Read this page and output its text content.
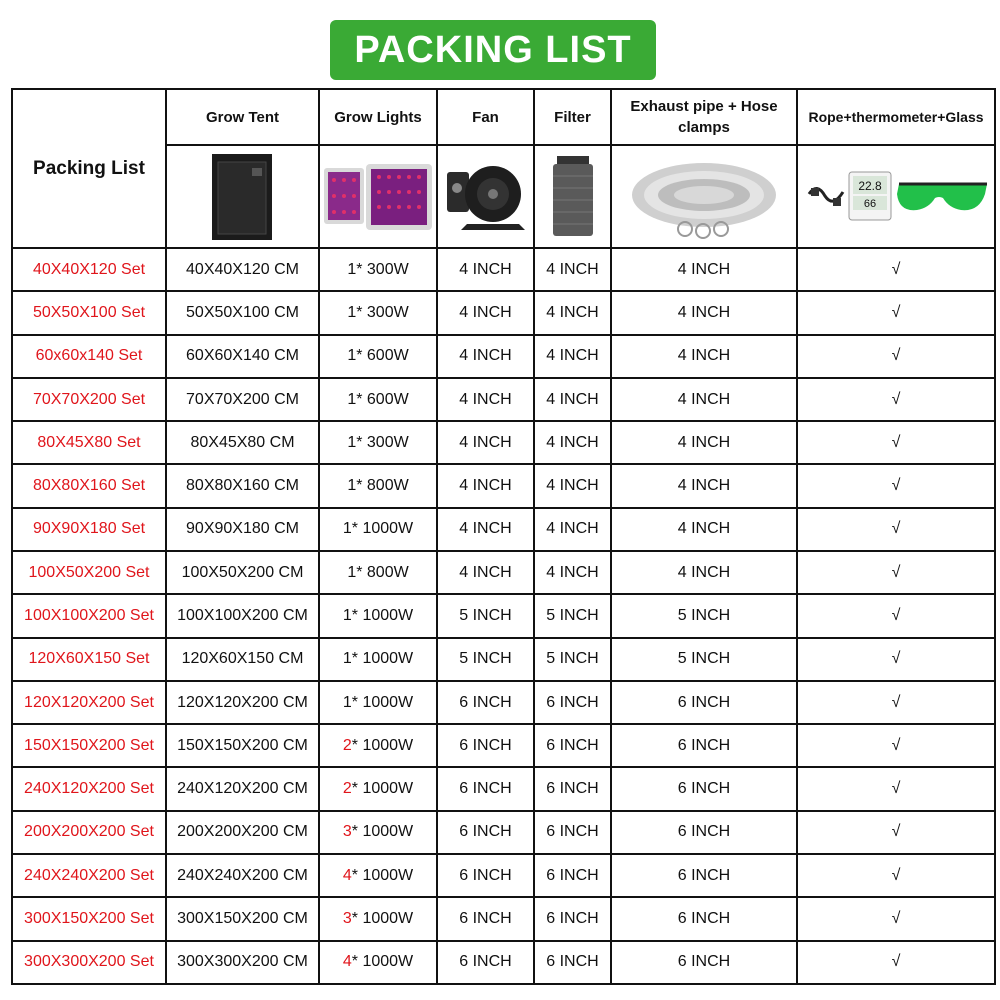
PACKING LIST
Packing List	Grow Tent	Grow Lights	Fan	Filter	Exhaust pipe + Hose clamps	Rope+thermometer+Glass

22.8
66

40X40X120 Set	40X40X120 CM	1* 300W	4 INCH	4 INCH	4 INCH	√
50X50X100 Set	50X50X100 CM	1* 300W	4 INCH	4 INCH	4 INCH	√
60x60x140 Set	60X60X140 CM	1* 600W	4 INCH	4 INCH	4 INCH	√
70X70X200 Set	70X70X200 CM	1* 600W	4 INCH	4 INCH	4 INCH	√
80X45X80 Set	80X45X80 CM	1* 300W	4 INCH	4 INCH	4 INCH	√
80X80X160 Set	80X80X160 CM	1* 800W	4 INCH	4 INCH	4 INCH	√
90X90X180 Set	90X90X180 CM	1* 1000W	4 INCH	4 INCH	4 INCH	√
100X50X200 Set	100X50X200 CM	1* 800W	4 INCH	4 INCH	4 INCH	√
100X100X200 Set	100X100X200 CM	1* 1000W	5 INCH	5 INCH	5 INCH	√
120X60X150 Set	120X60X150 CM	1* 1000W	5 INCH	5 INCH	5 INCH	√
120X120X200 Set	120X120X200 CM	1* 1000W	6 INCH	6 INCH	6 INCH	√
150X150X200 Set	150X150X200 CM	2* 1000W	6 INCH	6 INCH	6 INCH	√
240X120X200 Set	240X120X200 CM	2* 1000W	6 INCH	6 INCH	6 INCH	√
200X200X200 Set	200X200X200 CM	3* 1000W	6 INCH	6 INCH	6 INCH	√
240X240X200 Set	240X240X200 CM	4* 1000W	6 INCH	6 INCH	6 INCH	√
300X150X200 Set	300X150X200 CM	3* 1000W	6 INCH	6 INCH	6 INCH	√
300X300X200 Set	300X300X200 CM	4* 1000W	6 INCH	6 INCH	6 INCH	√
